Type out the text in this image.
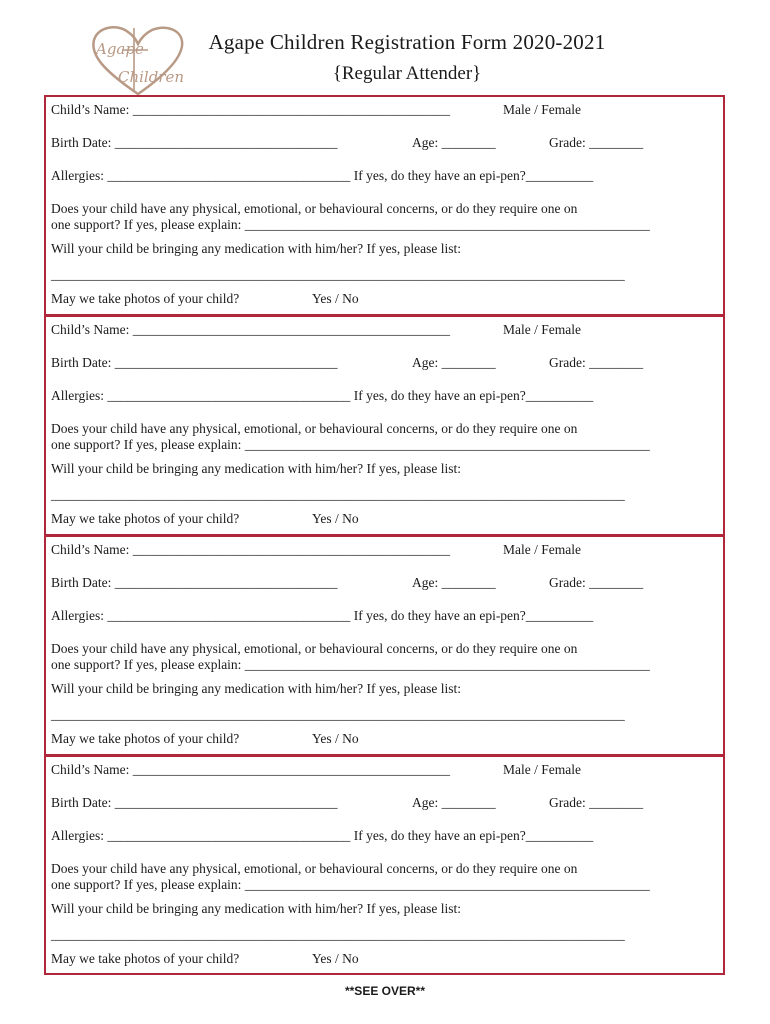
Agape
Children
Agape Children Registration Form 2020-2021
{Regular Attender}
Child’s Name: _______________________________________________	Male / Female
Birth Date: _________________________________	Age: ________	Grade: ________
Allergies: ____________________________________ If yes, do they have an epi-pen?__________
Does your child have any physical, emotional, or behavioural concerns, or do they require one on
one support? If yes, please explain: ____________________________________________________________
Will your child be bringing any medication with him/her? If yes, please list:
_____________________________________________________________________________________
May we take photos of your child?	Yes / No
Child’s Name: _______________________________________________	Male / Female
Birth Date: _________________________________	Age: ________	Grade: ________
Allergies: ____________________________________ If yes, do they have an epi-pen?__________
Does your child have any physical, emotional, or behavioural concerns, or do they require one on
one support? If yes, please explain: ____________________________________________________________
Will your child be bringing any medication with him/her? If yes, please list:
_____________________________________________________________________________________
May we take photos of your child?	Yes / No
Child’s Name: _______________________________________________	Male / Female
Birth Date: _________________________________	Age: ________	Grade: ________
Allergies: ____________________________________ If yes, do they have an epi-pen?__________
Does your child have any physical, emotional, or behavioural concerns, or do they require one on
one support? If yes, please explain: ____________________________________________________________
Will your child be bringing any medication with him/her? If yes, please list:
_____________________________________________________________________________________
May we take photos of your child?	Yes / No
Child’s Name: _______________________________________________	Male / Female
Birth Date: _________________________________	Age: ________	Grade: ________
Allergies: ____________________________________ If yes, do they have an epi-pen?__________
Does your child have any physical, emotional, or behavioural concerns, or do they require one on
one support? If yes, please explain: ____________________________________________________________
Will your child be bringing any medication with him/her? If yes, please list:
_____________________________________________________________________________________
May we take photos of your child?	Yes / No
**SEE OVER**
